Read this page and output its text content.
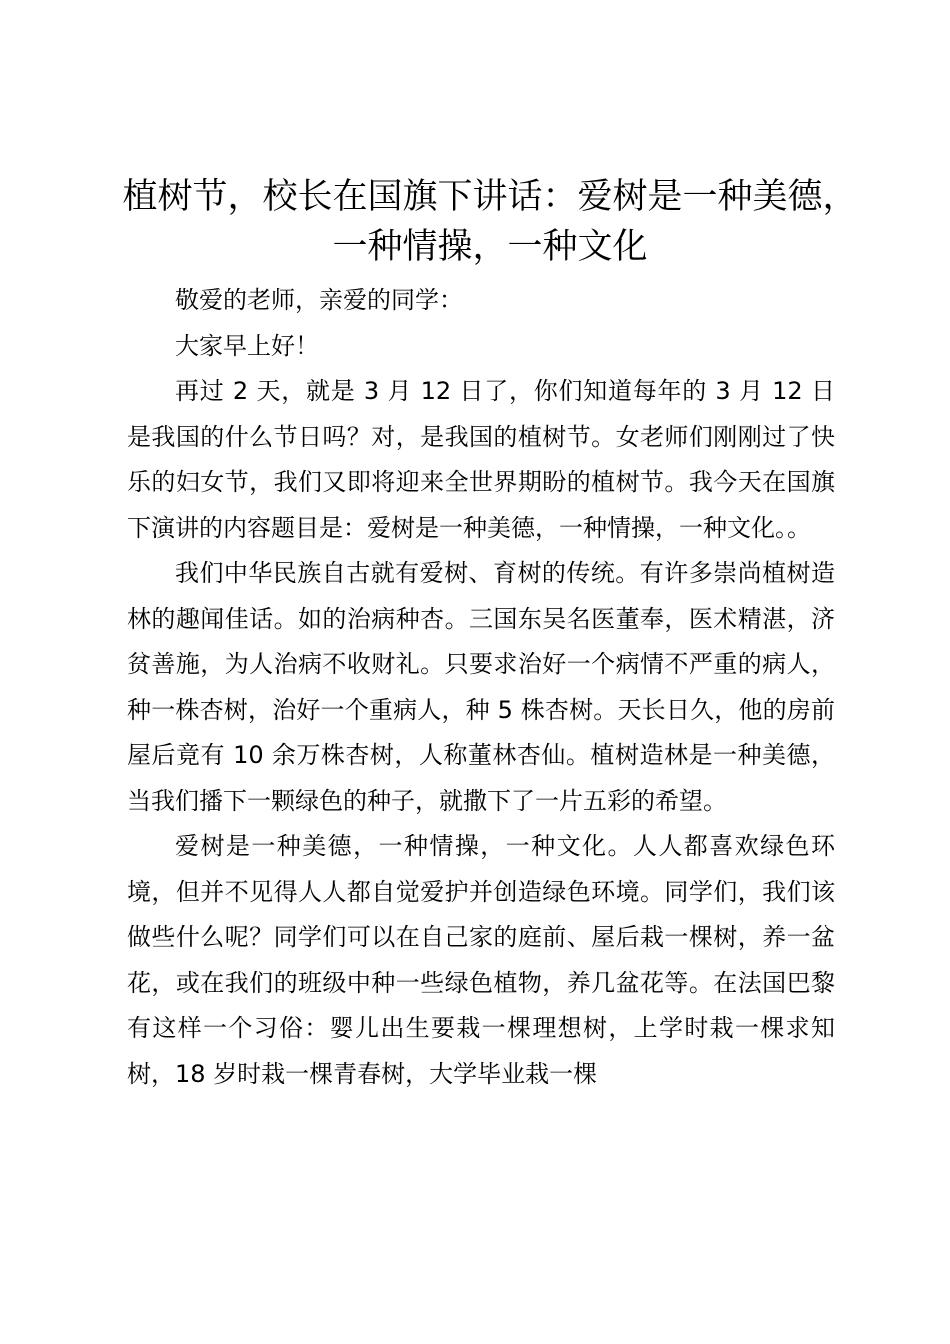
植树节，校长在国旗下讲话：爱树是一种美德，
一种情操，一种文化

敬爱的老师，亲爱的同学：

大家早上好！

再过 2 天，就是 3 月 12 日了，你们知道每年的 3 月 12 日是我国的什么节日吗？对，是我国的植树节。女老师们刚刚过了快乐的妇女节，我们又即将迎来全世界期盼的植树节。我今天在国旗下演讲的内容题目是：爱树是一种美德，一种情操，一种文化。。

我们中华民族自古就有爱树、育树的传统。有许多崇尚植树造林的趣闻佳话。如的治病种杏。三国东吴名医董奉，医术精湛，济贫善施，为人治病不收财礼。只要求治好一个病情不严重的病人，种一株杏树，治好一个重病人，种 5 株杏树。天长日久，他的房前屋后竟有 10 余万株杏树，人称董林杏仙。植树造林是一种美德，当我们播下一颗绿色的种子，就撒下了一片五彩的希望。

爱树是一种美德，一种情操，一种文化。人人都喜欢绿色环境，但并不见得人人都自觉爱护并创造绿色环境。同学们，我们该做些什么呢？同学们可以在自己家的庭前、屋后栽一棵树，养一盆花，或在我们的班级中种一些绿色植物，养几盆花等。在法国巴黎有这样一个习俗：婴儿出生要栽一棵理想树，上学时栽一棵求知树，18 岁时栽一棵青春树，大学毕业栽一棵
